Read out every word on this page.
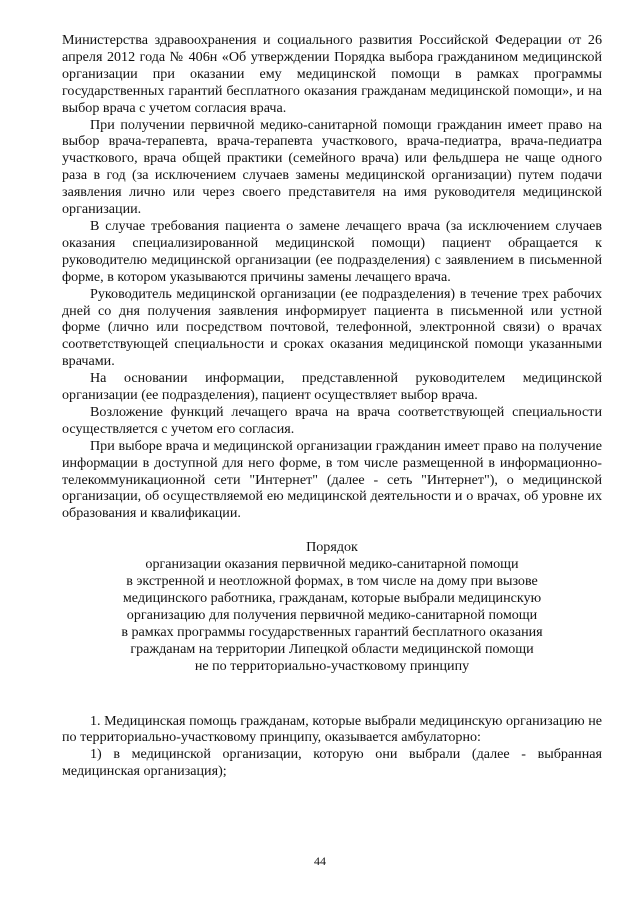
Министерства здравоохранения и социального развития Российской Федерации от 26 апреля 2012 года № 406н «Об утверждении Порядка выбора гражданином медицинской организации при оказании ему медицинской помощи в рамках программы государственных гарантий бесплатного оказания гражданам медицинской помощи», и на выбор врача с учетом согласия врача.

При получении первичной медико-санитарной помощи гражданин имеет право на выбор врача-терапевта, врача-терапевта участкового, врача-педиатра, врача-педиатра участкового, врача общей практики (семейного врача) или фельдшера не чаще одного раза в год (за исключением случаев замены медицинской организации) путем подачи заявления лично или через своего представителя на имя руководителя медицинской организации.

В случае требования пациента о замене лечащего врача (за исключением случаев оказания специализированной медицинской помощи) пациент обращается к руководителю медицинской организации (ее подразделения) с заявлением в письменной форме, в котором указываются причины замены лечащего врача.

Руководитель медицинской организации (ее подразделения) в течение трех рабочих дней со дня получения заявления информирует пациента в письменной или устной форме (лично или посредством почтовой, телефонной, электронной связи) о врачах соответствующей специальности и сроках оказания медицинской помощи указанными врачами.

На основании информации, представленной руководителем медицинской организации (ее подразделения), пациент осуществляет выбор врача.

Возложение функций лечащего врача на врача соответствующей специальности осуществляется с учетом его согласия.

При выборе врача и медицинской организации гражданин имеет право на получение информации в доступной для него форме, в том числе размещенной в информационно-телекоммуникационной сети "Интернет" (далее - сеть "Интернет"), о медицинской организации, об осуществляемой ею медицинской деятельности и о врачах, об уровне их образования и квалификации.

Порядок

организации оказания первичной медико-санитарной помощи

в экстренной и неотложной формах, в том числе на дому при вызове

медицинского работника, гражданам, которые выбрали медицинскую

организацию для получения первичной медико-санитарной помощи

в рамках программы государственных гарантий бесплатного оказания

гражданам на территории Липецкой области медицинской помощи

не по территориально-участковому принципу

1. Медицинская помощь гражданам, которые выбрали медицинскую организацию не по территориально-участковому принципу, оказывается амбулаторно:

1) в медицинской организации, которую они выбрали (далее - выбранная медицинская организация);

44
